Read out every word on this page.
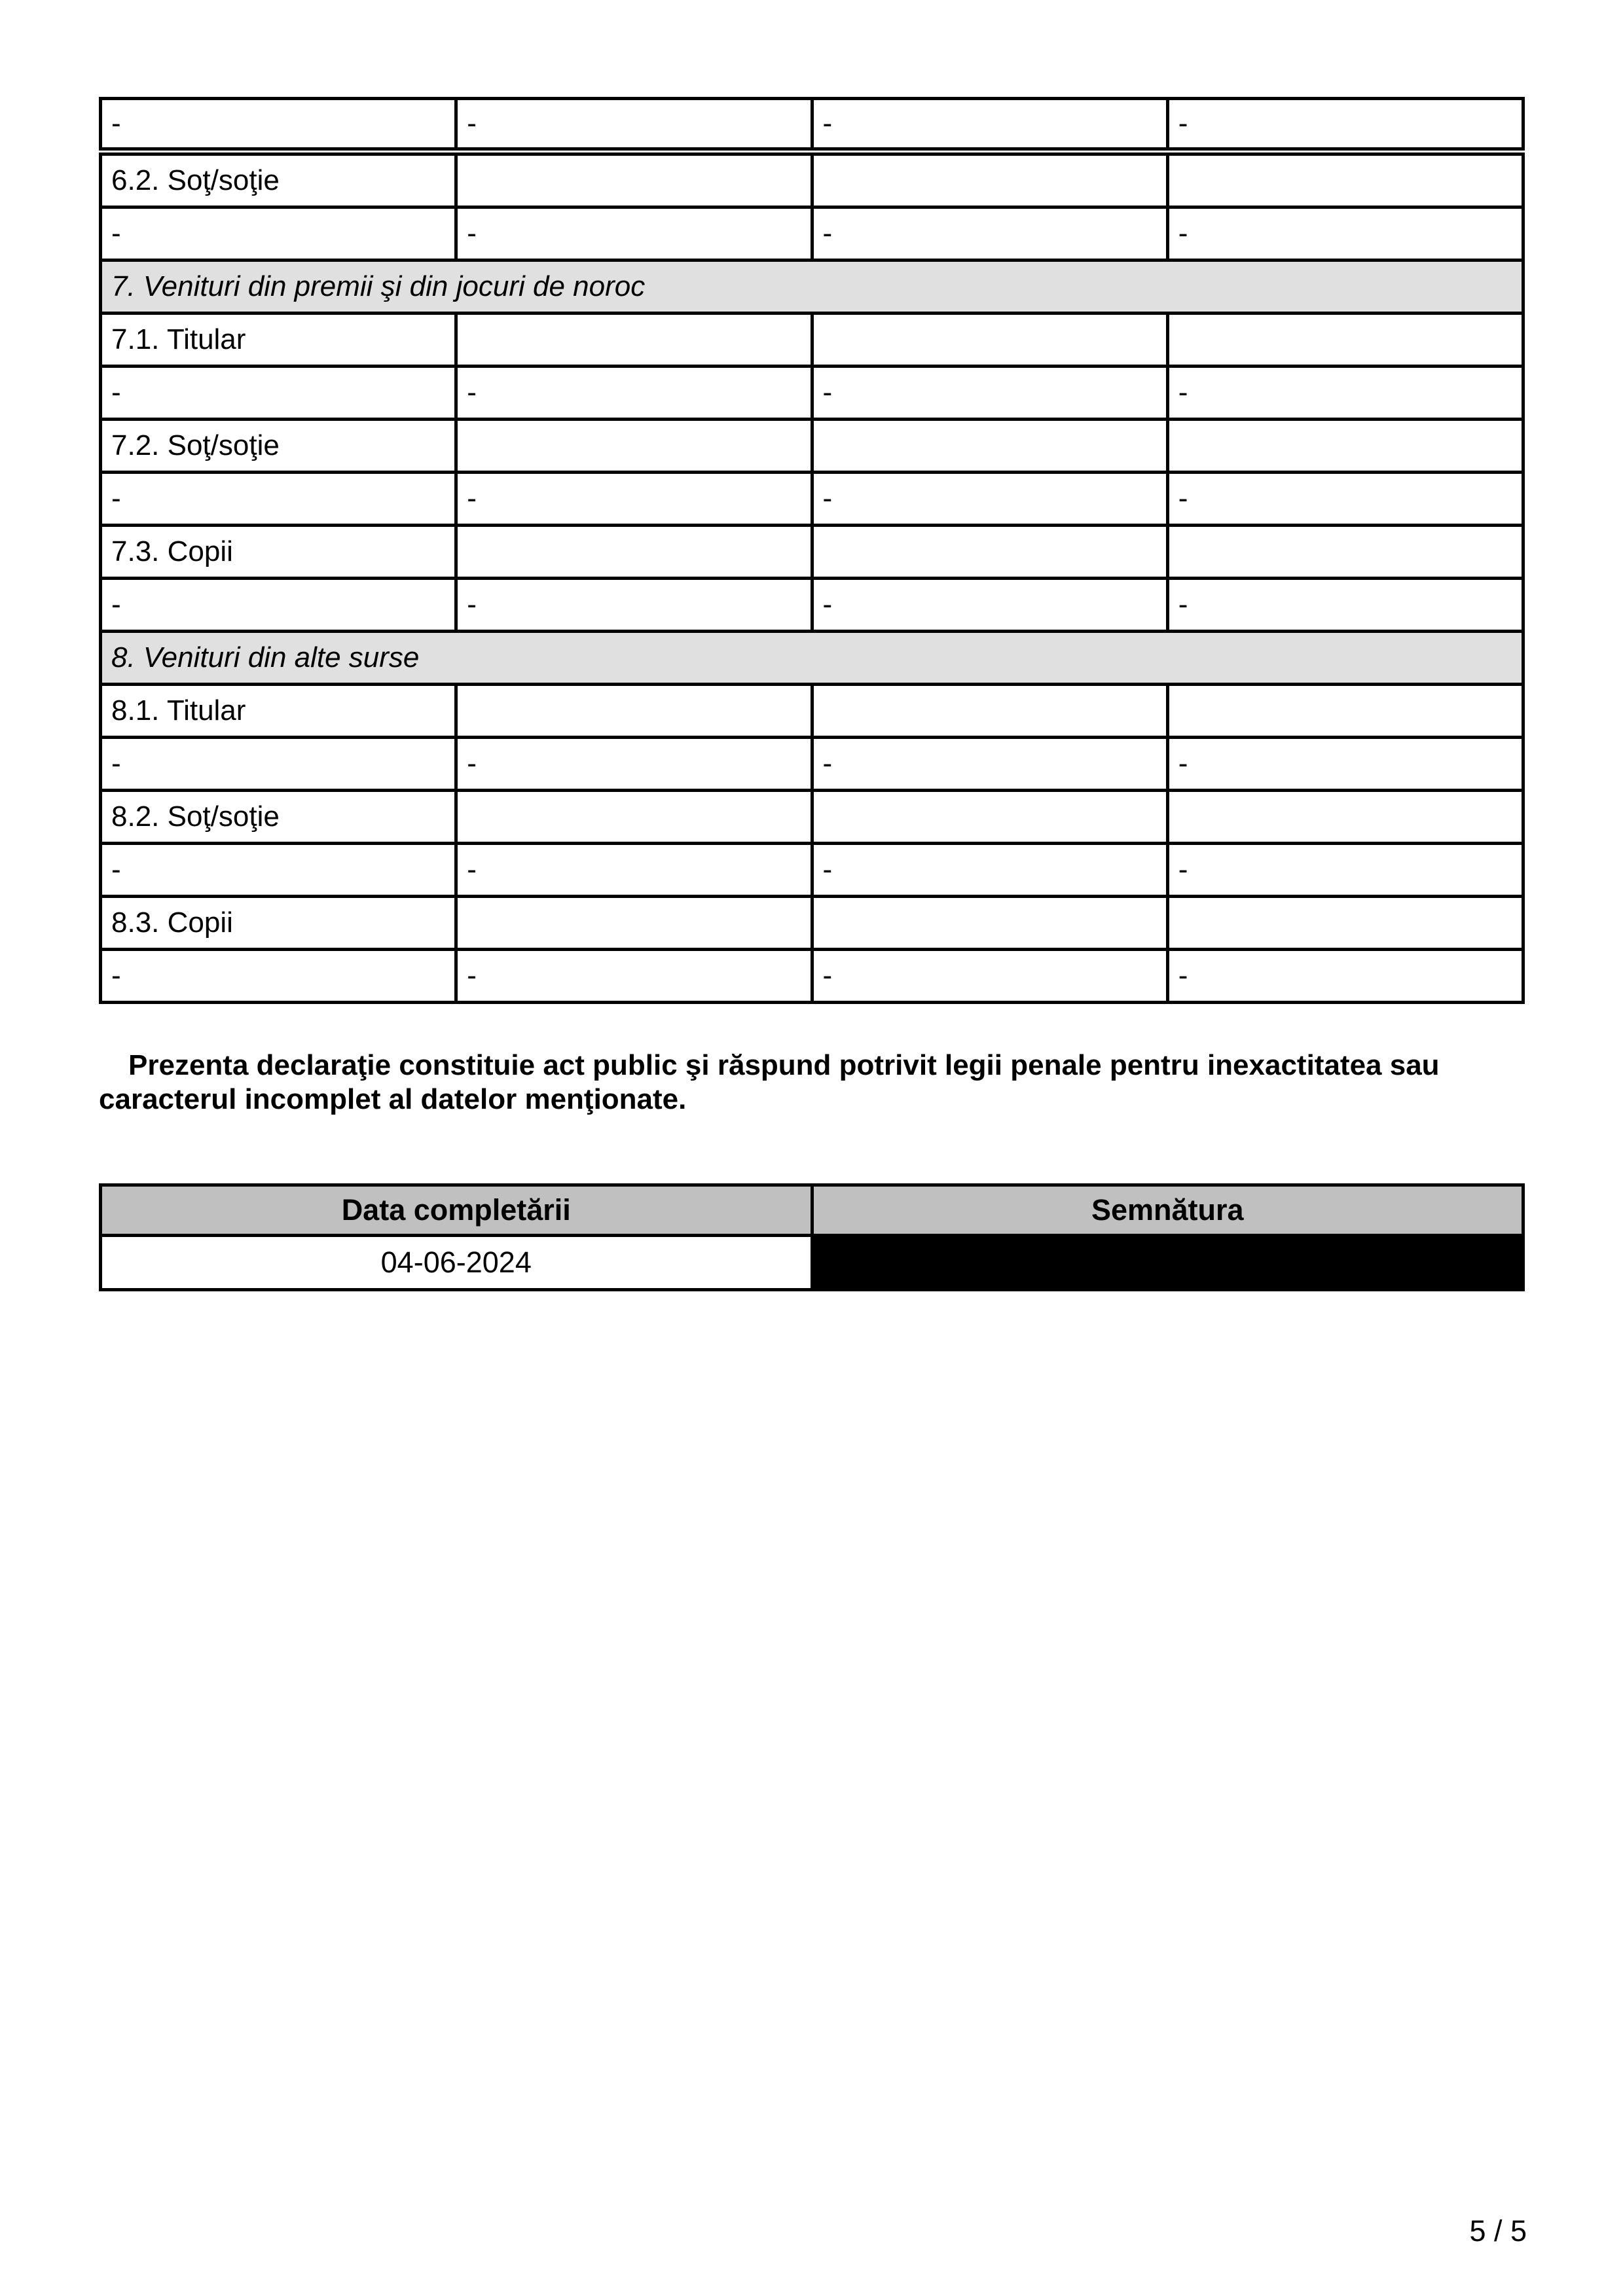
-	-	-	-
6.2. Soţ/soţie			
-	-	-	-
7. Venituri din premii şi din jocuri de noroc			
7.1. Titular			
-	-	-	-
7.2. Soţ/soţie			
-	-	-	-
7.3. Copii			
-	-	-	-
8. Venituri din alte surse			
8.1. Titular			
-	-	-	-
8.2. Soţ/soţie			
-	-	-	-
8.3. Copii			
-	-	-	-

Prezenta declaraţie constituie act public şi răspund potrivit legii penale pentru inexactitatea sau caracterul incomplet al datelor menţionate.

Data completării	Semnătura
04-06-2024	
5 / 5
